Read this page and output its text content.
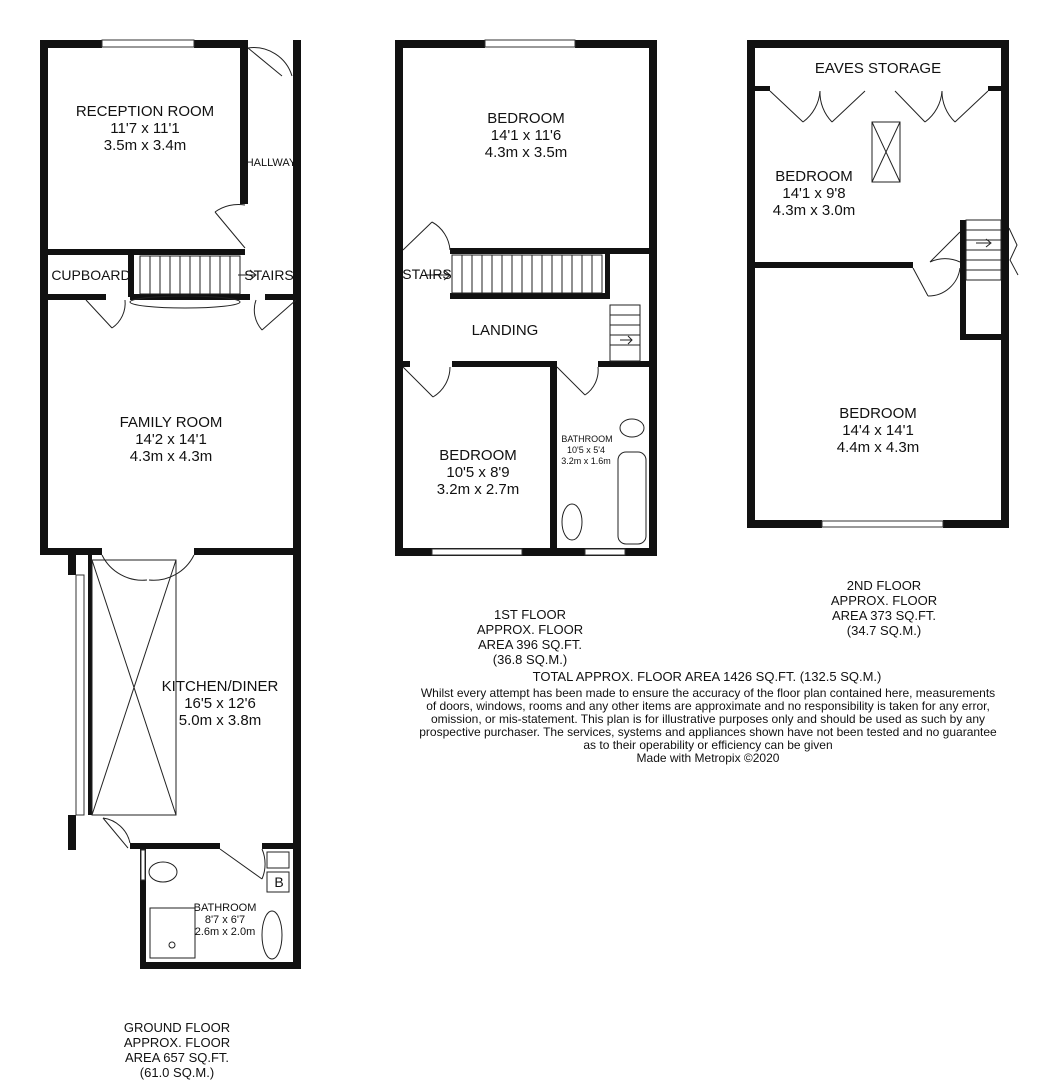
RECEPTION ROOM
11'7 x 11'1
3.5m x 3.4m
HALLWAY
CUPBOARD	STAIRS
FAMILY ROOM
14'2 x 14'1
4.3m x 4.3m
KITCHEN/DINER
16'5 x 12'6
5.0m x 3.8m
BATHROOM
8'7 x 6'7
2.6m x 2.0m
B
BEDROOM
14'1 x 11'6
4.3m x 3.5m
STAIRS
LANDING
BEDROOM
10'5 x 8'9
3.2m x 2.7m
BATHROOM
10'5 x 5'4
3.2m x 1.6m
EAVES STORAGE
BEDROOM
14'1 x 9'8
4.3m x 3.0m
BEDROOM
14'4 x 14'1
4.4m x 4.3m
GROUND FLOOR
APPROX. FLOOR
AREA 657 SQ.FT.
(61.0 SQ.M.)
1ST FLOOR
APPROX. FLOOR
AREA 396 SQ.FT.
(36.8 SQ.M.)
2ND FLOOR
APPROX. FLOOR
AREA 373 SQ.FT.
(34.7 SQ.M.)
TOTAL APPROX. FLOOR AREA 1426 SQ.FT. (132.5 SQ.M.)
Whilst every attempt has been made to ensure the accuracy of the floor plan contained here, measurements
of doors, windows, rooms and any other items are approximate and no responsibility is taken for any error,
omission, or mis-statement. This plan is for illustrative purposes only and should be used as such by any
prospective purchaser. The services, systems and appliances shown have not been tested and no guarantee
as to their operability or efficiency can be given
Made with Metropix ©2020
